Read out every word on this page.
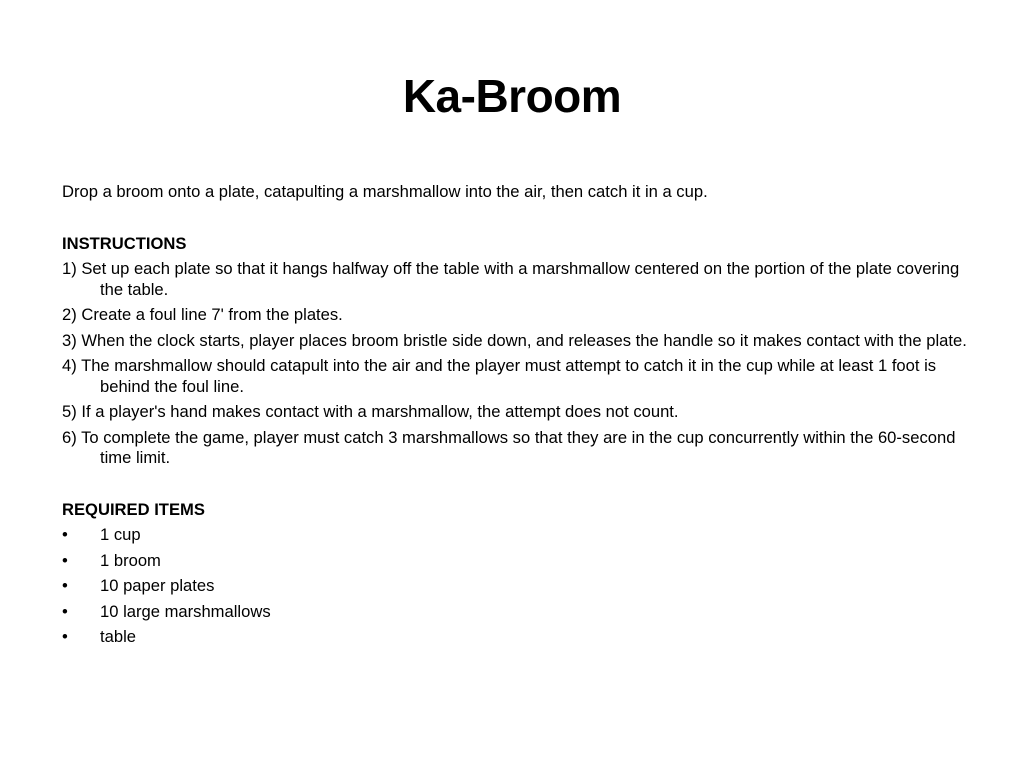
Ka-Broom

Drop a broom onto a plate, catapulting a marshmallow into the air, then catch it in a cup.

INSTRUCTIONS
1) Set up each plate so that it hangs halfway off the table with a marshmallow centered on the portion of the plate covering the table.
2) Create a foul line 7' from the plates.
3) When the clock starts, player places broom bristle side down, and releases the handle so it makes contact with the plate.
4) The marshmallow should catapult into the air and the player must attempt to catch it in the cup while at least 1 foot is behind the foul line.
5) If a player's hand makes contact with a marshmallow, the attempt does not count.
6) To complete the game, player must catch 3 marshmallows so that they are in the cup concurrently within the 60-second time limit.
REQUIRED ITEMS
•	1 cup
•	1 broom
•	10 paper plates
•	10 large marshmallows
•	table
